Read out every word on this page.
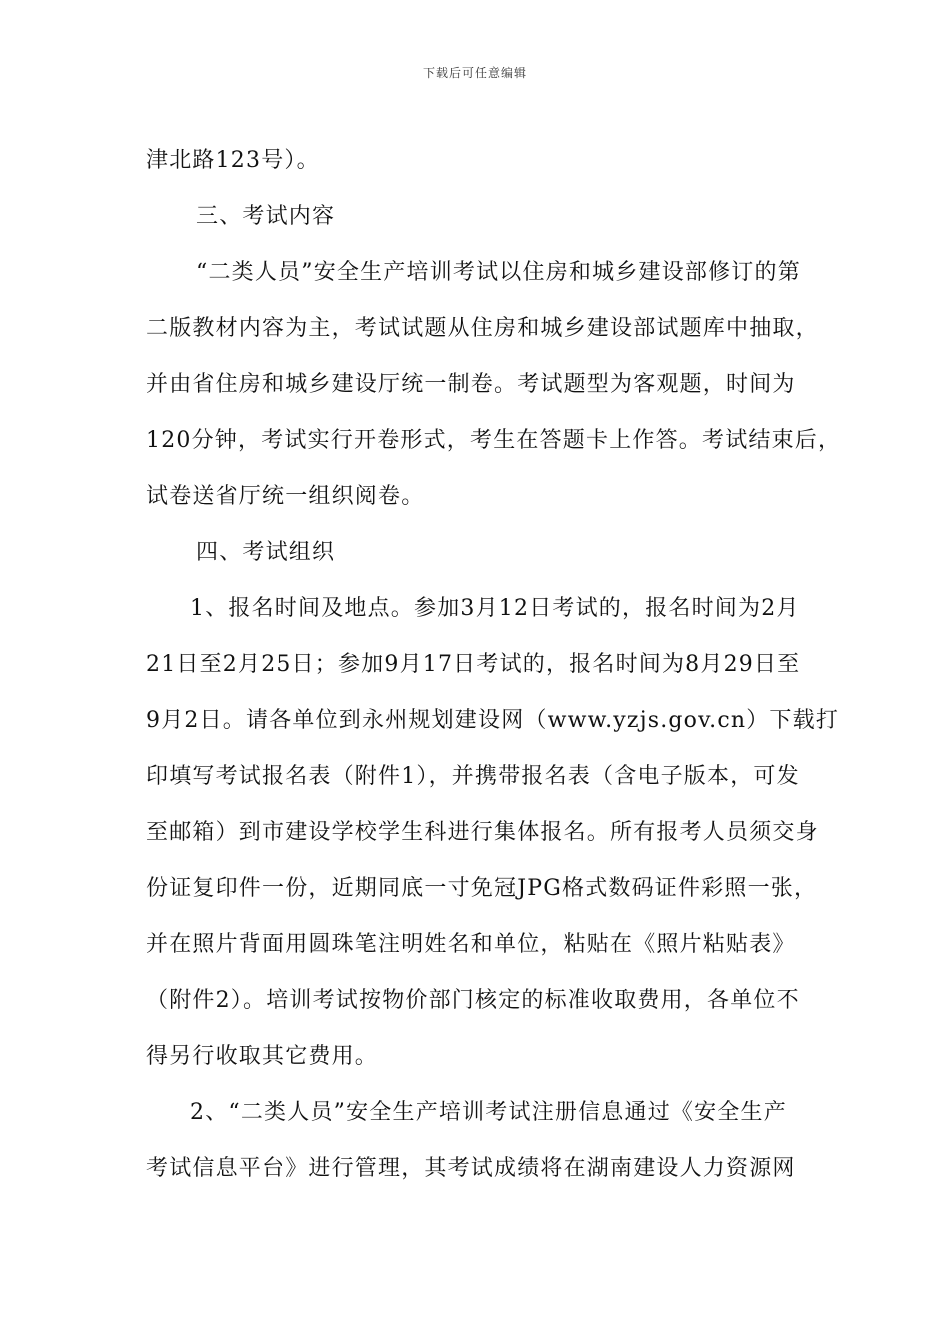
下载后可任意编辑
津北路123号）。
三、考试内容
“二类人员”安全生产培训考试以住房和城乡建设部修订的第
二版教材内容为主，考试试题从住房和城乡建设部试题库中抽取，
并由省住房和城乡建设厅统一制卷。考试题型为客观题，时间为
120分钟，考试实行开卷形式，考生在答题卡上作答。考试结束后，
试卷送省厅统一组织阅卷。
四、考试组织
1、报名时间及地点。参加3月12日考试的，报名时间为2月
21日至2月25日；参加9月17日考试的，报名时间为8月29日至
9月2日。请各单位到永州规划建设网（www.yzjs.gov.cn）下载打
印填写考试报名表（附件1），并携带报名表（含电子版本，可发
至邮箱）到市建设学校学生科进行集体报名。所有报考人员须交身
份证复印件一份，近期同底一寸免冠JPG格式数码证件彩照一张，
并在照片背面用圆珠笔注明姓名和单位，粘贴在《照片粘贴表》
（附件2）。培训考试按物价部门核定的标准收取费用，各单位不
得另行收取其它费用。
2、“二类人员”安全生产培训考试注册信息通过《安全生产
考试信息平台》进行管理，其考试成绩将在湖南建设人力资源网
